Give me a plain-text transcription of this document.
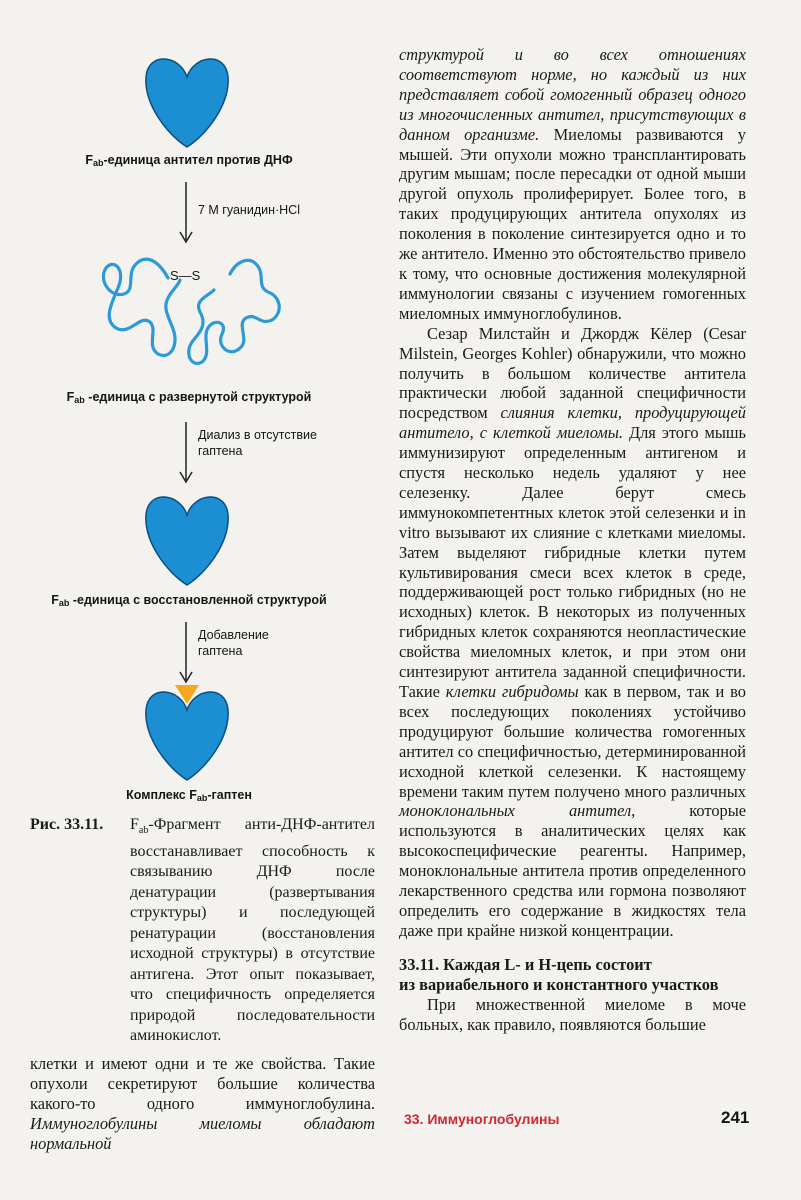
$F_{ab}$-единица антител против ДНФ
7 М гуанидин·HCl
S—S
$F_{ab}$ -единица с развернутой структурой
Диализ в отсутствие
гаптена
$F_{ab}$ -единица с восстановленной структурой
Добавление
гаптена
Комплекс $F_{ab}$-гаптен
Рис. 33.11. $F_{ab}$-Фрагмент анти-ДНФ-антител восстанавливает способность к связыванию ДНФ после денатурации (развертывания структуры) и последующей ренатурации (восстановления исходной структуры) в отсутствие антигена. Этот опыт показывает, что специфичность определяется природой последовательности аминокислот.

клетки и имеют одни и те же свойства. Такие опухоли секретируют большие количества какого-то одного иммуноглобулина. Иммуноглобулины миеломы обладают нормальной

структурой и во всех отношениях соответствуют норме, но каждый из них представляет собой гомогенный образец одного из многочисленных антител, присутствующих в данном организме. Миеломы развиваются у мышей. Эти опухоли можно трансплантировать другим мышам; после пересадки от одной мыши другой опухоль пролиферирует. Более того, в таких продуцирующих антитела опухолях из поколения в поколение синтезируется одно и то же антитело. Именно это обстоятельство привело к тому, что основные достижения молекулярной иммунологии связаны с изучением гомогенных миеломных иммуноглобулинов.

Сезар Милстайн и Джордж Кёлер (Cesar Milstein, Georges Kohler) обнаружили, что можно получить в большом количестве антитела практически любой заданной специфичности посредством слияния клетки, продуцирующей антитело, с клеткой миеломы. Для этого мышь иммунизируют определенным антигеном и спустя несколько недель удаляют у нее селезенку. Далее берут смесь иммунокомпетентных клеток этой селезенки и in vitro вызывают их слияние с клетками миеломы. Затем выделяют гибридные клетки путем культивирования смеси всех клеток в среде, поддерживающей рост только гибридных (но не исходных) клеток. В некоторых из полученных гибридных клеток сохраняются неопластические свойства миеломных клеток, и при этом они синтезируют антитела заданной специфичности. Такие клетки гибридомы как в первом, так и во всех последующих поколениях устойчиво продуцируют большие количества гомогенных антител со специфичностью, детерминированной исходной клеткой селезенки. К настоящему времени таким путем получено много различных моноклональных антител,	которые используются в аналитических целях как высокоспецифические реагенты. Например, моноклональные антитела против определенного лекарственного средства или гормона позволяют определить его содержание в жидкостях тела даже при крайне низкой концентрации.

33.11. Каждая L- и H-цепь состоит
из вариабельного и константного участков

При множественной миеломе в моче больных, как правило, появляются большие

33. Иммуноглобулины	241
